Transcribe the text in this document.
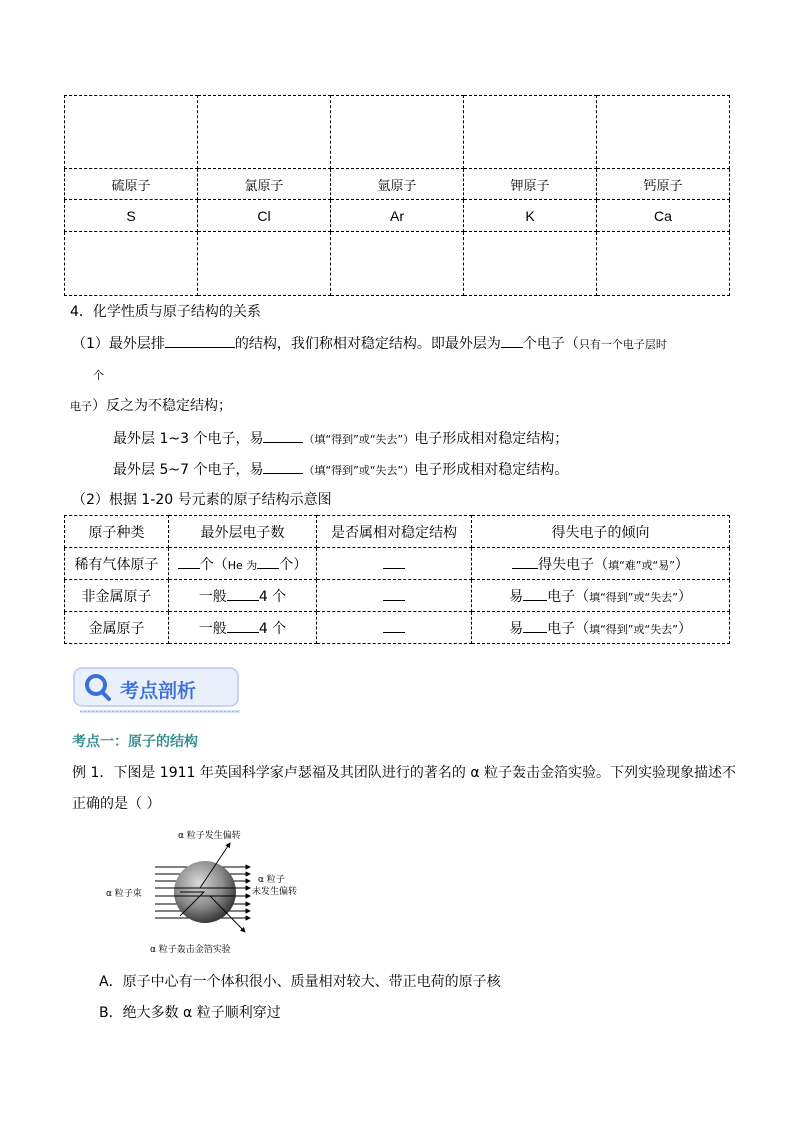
硫原子	氯原子	氩原子	钾原子	钙原子
S	Cl	Ar	K	Ca

4．化学性质与原子结构的关系
（1）最外层排	的结构，我们称相对稳定结构。即最外层为 个电子（只有一个电子层时
个
电子）反之为不稳定结构；
最外层 1~3 个电子，易	（填“得到”或“失去”）电子形成相对稳定结构；
最外层 5~7 个电子，易	（填“得到”或“失去”）电子形成相对稳定结构。
（2）根据 1-20 号元素的原子结构示意图
原子种类	最外层电子数	是否属相对稳定结构	得失电子的倾向
稀有气体原子	个（He 为 个）		得失电子（填“难”或“易”）
非金属原子	一般 4 个		易 电子（填“得到”或“失去”）
金属原子	一般 4 个		易 电子（填“得到”或“失去”）
考点剖析
考点一：原子的结构
例 1．下图是 1911 年英国科学家卢瑟福及其团队进行的著名的 α 粒子轰击金箔实验。下列实验现象描述不
正确的是（ ）
α 粒子发生偏转
α 粒子
未发生偏转
α 粒子束
α 粒子轰击金箔实验
A．原子中心有一个体积很小、质量相对较大、带正电荷的原子核
B．绝大多数 α 粒子顺利穿过
